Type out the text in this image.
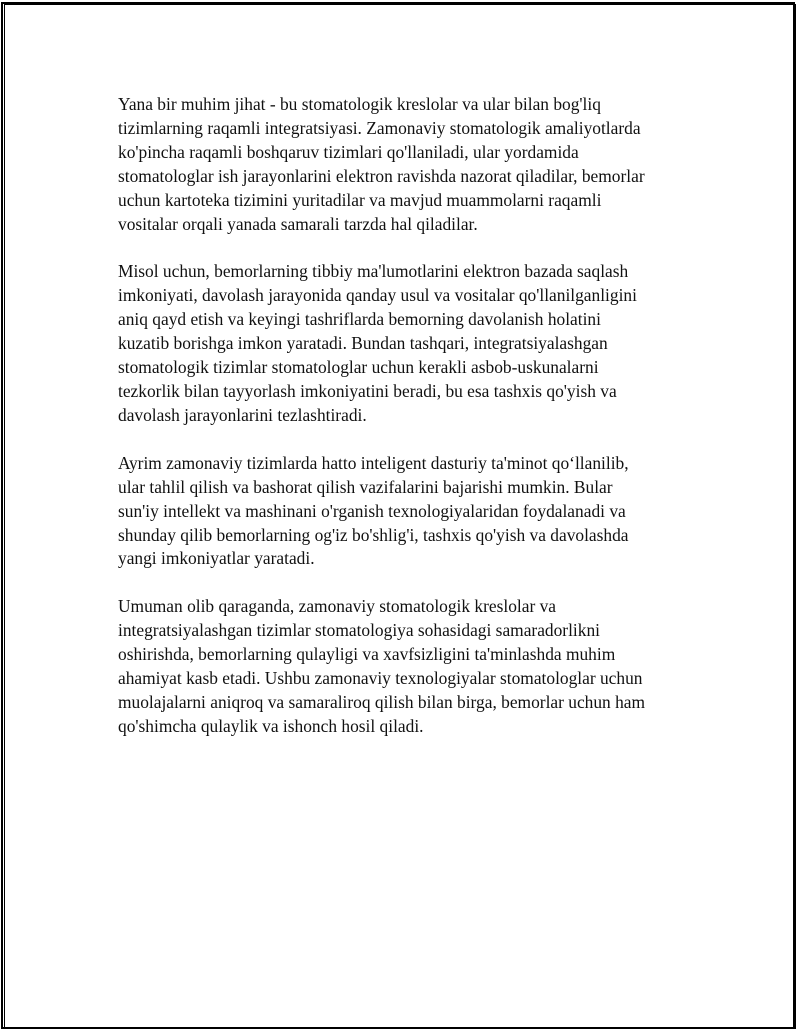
Yana bir muhim jihat - bu stomatologik kreslolar va ular bilan bog'liq
tizimlarning raqamli integratsiyasi. Zamonaviy stomatologik amaliyotlarda
ko'pincha raqamli boshqaruv tizimlari qo'llaniladi, ular yordamida
stomatologlar ish jarayonlarini elektron ravishda nazorat qiladilar, bemorlar
uchun kartoteka tizimini yuritadilar va mavjud muammolarni raqamli
vositalar orqali yanada samarali tarzda hal qiladilar.

Misol uchun, bemorlarning tibbiy ma'lumotlarini elektron bazada saqlash
imkoniyati, davolash jarayonida qanday usul va vositalar qo'llanilganligini
aniq qayd etish va keyingi tashriflarda bemorning davolanish holatini
kuzatib borishga imkon yaratadi. Bundan tashqari, integratsiyalashgan
stomatologik tizimlar stomatologlar uchun kerakli asbob-uskunalarni
tezkorlik bilan tayyorlash imkoniyatini beradi, bu esa tashxis qo'yish va
davolash jarayonlarini tezlashtiradi.

Ayrim zamonaviy tizimlarda hatto inteligent dasturiy ta'minot qo‘llanilib,
ular tahlil qilish va bashorat qilish vazifalarini bajarishi mumkin. Bular
sun'iy intellekt va mashinani o'rganish texnologiyalaridan foydalanadi va
shunday qilib bemorlarning og'iz bo'shlig'i, tashxis qo'yish va davolashda
yangi imkoniyatlar yaratadi.

Umuman olib qaraganda, zamonaviy stomatologik kreslolar va
integratsiyalashgan tizimlar stomatologiya sohasidagi samaradorlikni
oshirishda, bemorlarning qulayligi va xavfsizligini ta'minlashda muhim
ahamiyat kasb etadi. Ushbu zamonaviy texnologiyalar stomatologlar uchun
muolajalarni aniqroq va samaraliroq qilish bilan birga, bemorlar uchun ham
qo'shimcha qulaylik va ishonch hosil qiladi.
